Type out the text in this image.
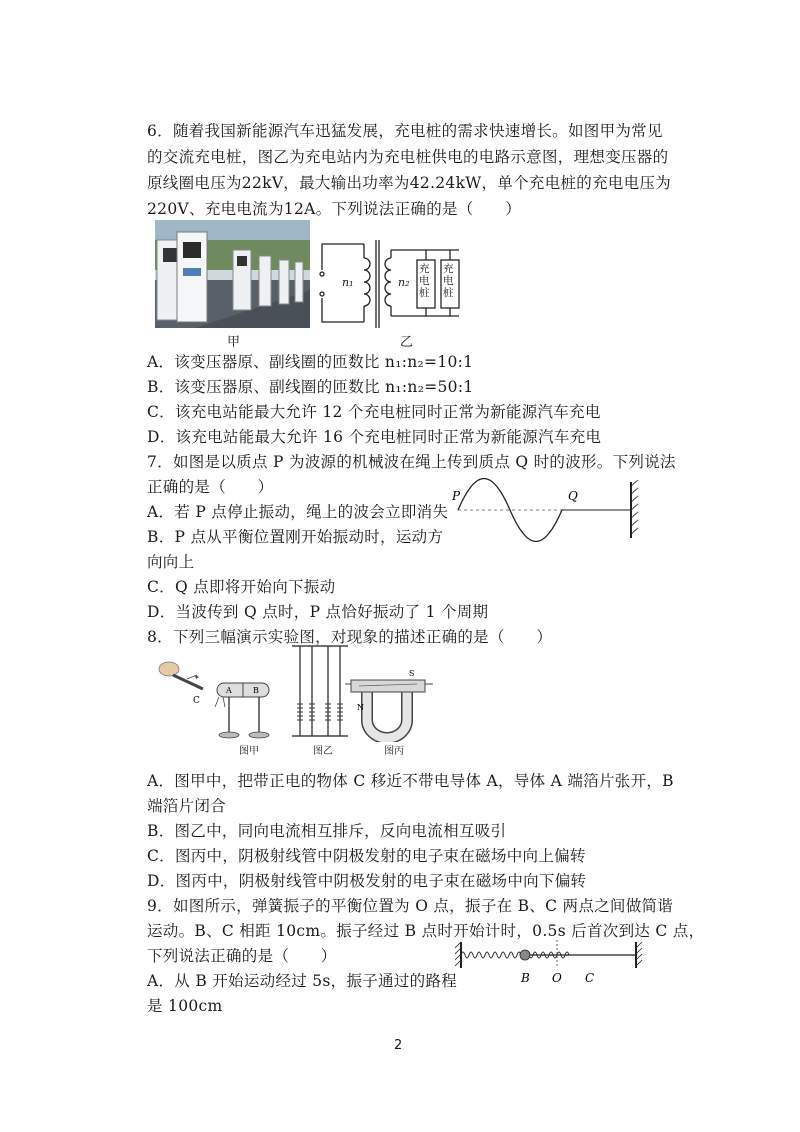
6．随着我国新能源汽车迅猛发展，充电桩的需求快速增长。如图甲为常见
的交流充电桩，图乙为充电站内为充电桩供电的电路示意图，理想变压器的
原线圈电压为22kV，最大输出功率为42.24kW，单个充电桩的充电电压为
220V、充电电流为12A。下列说法正确的是（　　）
甲
n₁	n₂
充电桩
充电桩
乙
A．该变压器原、副线圈的匝数比 n₁:n₂=10:1
B．该变压器原、副线圈的匝数比 n₁:n₂=50:1
C．该充电站能最大允许 12 个充电桩同时正常为新能源汽车充电
D．该充电站能最大允许 16 个充电桩同时正常为新能源汽车充电
7．如图是以质点 P 为波源的机械波在绳上传到质点 Q 时的波形。下列说法
正确的是（　　）
A．若 P 点停止振动，绳上的波会立即消失
B．P 点从平衡位置刚开始振动时，运动方
向向上
C．Q 点即将开始向下振动
D．当波传到 Q 点时，P 点恰好振动了 1 个周期
P	Q
8．下列三幅演示实验图，对现象的描述正确的是（　　）
C
A	B
图甲	图乙
N
S
图丙
A．图甲中，把带正电的物体 C 移近不带电导体 A，导体 A 端箔片张开，B
端箔片闭合
B．图乙中，同向电流相互排斥，反向电流相互吸引
C．图丙中，阴极射线管中阴极发射的电子束在磁场中向上偏转
D．图丙中，阴极射线管中阴极发射的电子束在磁场中向下偏转
9．如图所示，弹簧振子的平衡位置为 O 点，振子在 B、C 两点之间做简谐
运动。B、C 相距 10cm。振子经过 B 点时开始计时，0.5s 后首次到达 C 点，
下列说法正确的是（　　）
A．从 B 开始运动经过 5s，振子通过的路程
是 100cm
B O C
2
